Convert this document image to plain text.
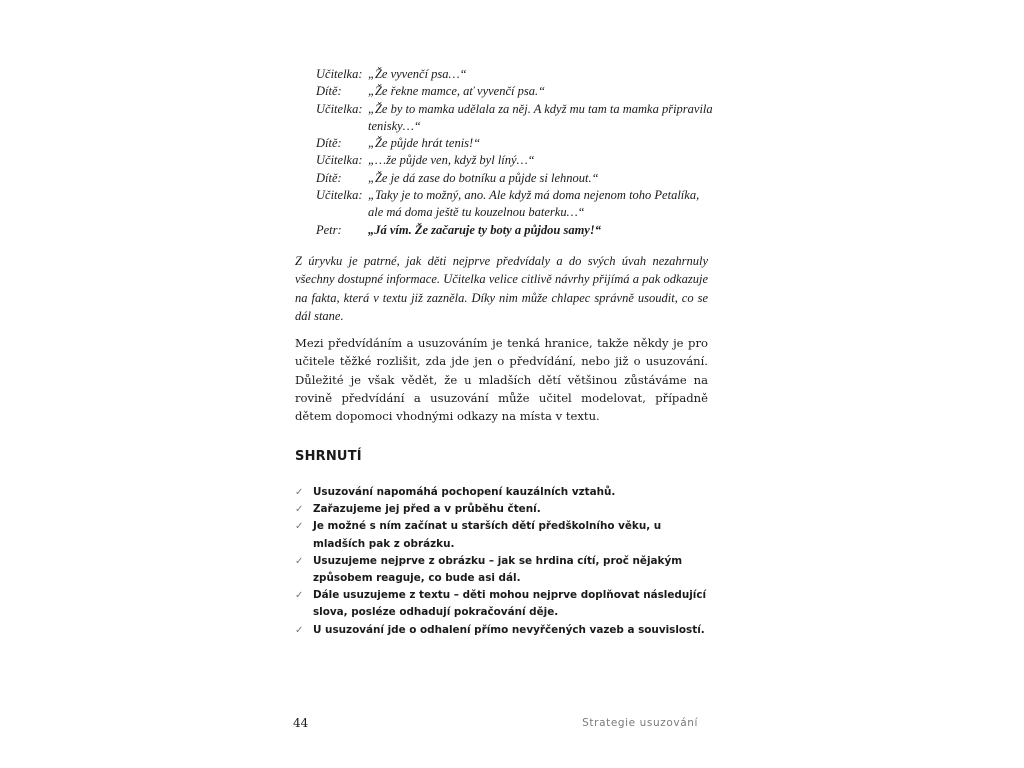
Učitelka: „Že vyvenčí psa…“
Dítě:	„Že řekne mamce, ať vyvenčí psa.“
Učitelka: „Že by to mamka udělala za něj. A když mu tam ta mamka připravila tenisky…“
Dítě:	„Že půjde hrát tenis!“
Učitelka: „…že půjde ven, když byl líný…“
Dítě:	„Že je dá zase do botníku a půjde si lehnout.“
Učitelka: „Taky je to možný, ano. Ale když má doma nejenom toho Petalíka, ale má doma ještě tu kouzelnou baterku…“
Petr:	„Já vím. Že začaruje ty boty a půjdou samy!“

Z úryvku je patrné, jak děti nejprve předvídaly a do svých úvah nezahrnuly všechny dostupné informace. Učitelka velice citlivě návrhy přijímá a pak odkazuje na fakta, která v textu již zazněla. Díky nim může chlapec správně usoudit, co se dál stane.

Mezi předvídáním a usuzováním je tenká hranice, takže někdy je pro učitele těžké rozlišit, zda jde jen o předvídání, nebo již o usuzování. Důležité je však vědět, že u mladších dětí většinou zůstáváme na rovině předvídání a usuzování může učitel modelovat, případně dětem dopomoci vhodnými odkazy na místa v textu.

SHRNUTÍ
✓ Usuzování napomáhá pochopení kauzálních vztahů.
✓ Zařazujeme jej před a v průběhu čtení.
✓ Je možné s ním začínat u starších dětí předškolního věku, u mladších pak z obrázku.
✓ Usuzujeme nejprve z obrázku – jak se hrdina cítí, proč nějakým způsobem reaguje, co bude asi dál.
✓ Dále usuzujeme z textu – děti mohou nejprve doplňovat následující slova, posléze odhadují pokračování děje.
✓ U usuzování jde o odhalení přímo nevyřčených vazeb a souvislostí.

44	Strategie usuzování
